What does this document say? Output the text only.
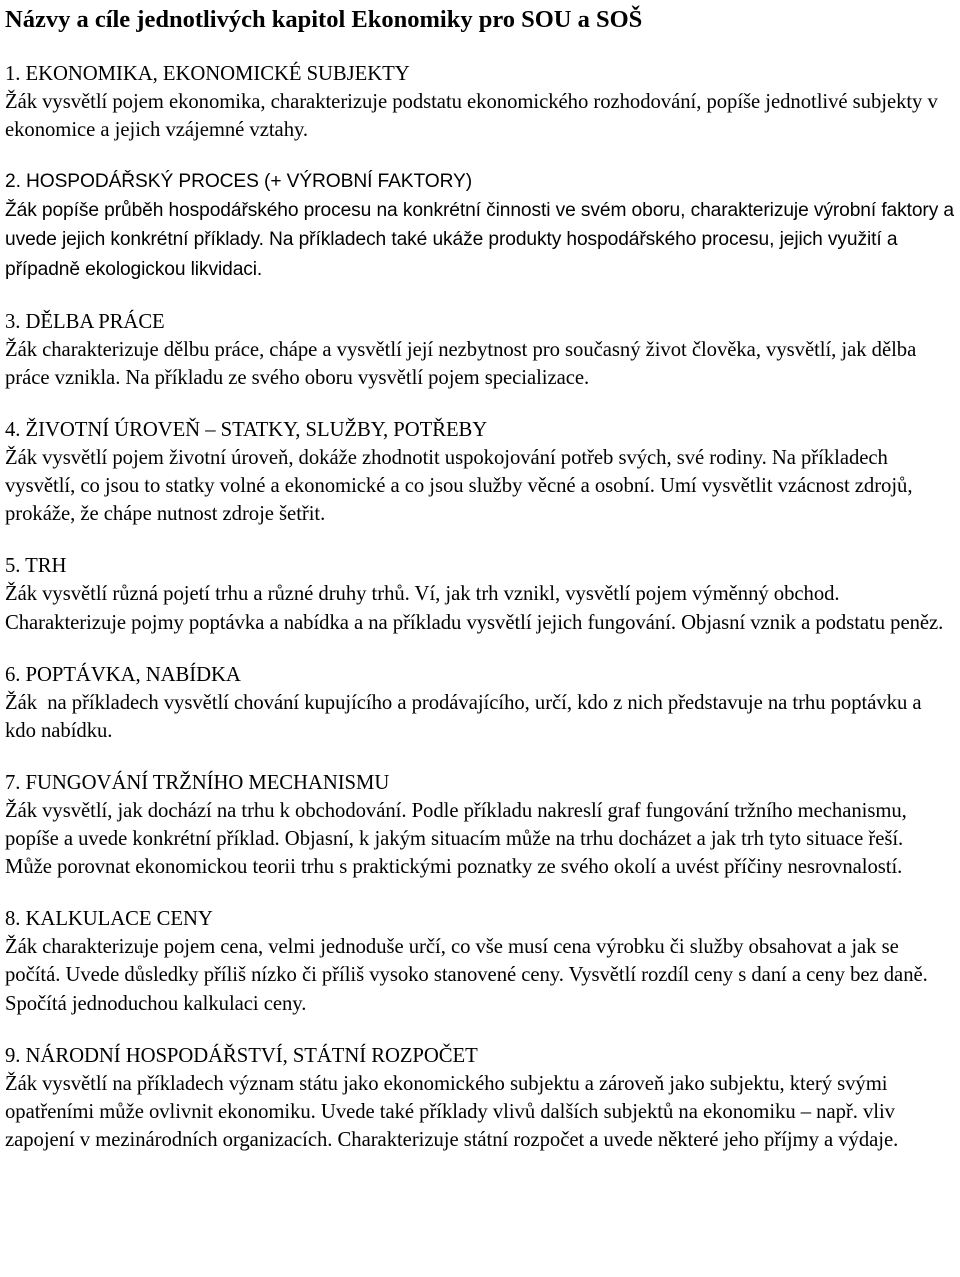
Názvy a cíle jednotlivých kapitol Ekonomiky pro SOU a SOŠ

1. EKONOMIKA, EKONOMICKÉ SUBJEKTY

Žák vysvětlí pojem ekonomika, charakterizuje podstatu ekonomického rozhodování, popíše jednotlivé subjekty v ekonomice a jejich vzájemné vztahy.

2. HOSPODÁŘSKÝ PROCES (+ VÝROBNÍ FAKTORY)

Žák popíše průběh hospodářského procesu na konkrétní činnosti ve svém oboru, charakterizuje výrobní faktory a uvede jejich konkrétní příklady. Na příkladech také ukáže produkty hospodářského procesu, jejich využití a případně ekologickou likvidaci.

3. DĚLBA PRÁCE

Žák charakterizuje dělbu práce, chápe a vysvětlí její nezbytnost pro současný život člověka, vysvětlí, jak dělba práce vznikla. Na příkladu ze svého oboru vysvětlí pojem specializace.

4. ŽIVOTNÍ ÚROVEŇ – STATKY, SLUŽBY, POTŘEBY

Žák vysvětlí pojem životní úroveň, dokáže zhodnotit uspokojování potřeb svých, své rodiny. Na příkladech vysvětlí, co jsou to statky volné a ekonomické a co jsou služby věcné a osobní. Umí vysvětlit vzácnost zdrojů, prokáže, že chápe nutnost zdroje šetřit.

5. TRH

Žák vysvětlí různá pojetí trhu a různé druhy trhů. Ví, jak trh vznikl, vysvětlí pojem výměnný obchod. Charakterizuje pojmy poptávka a nabídka a na příkladu vysvětlí jejich fungování. Objasní vznik a podstatu peněz.

6. POPTÁVKA, NABÍDKA

Žák  na příkladech vysvětlí chování kupujícího a prodávajícího, určí, kdo z nich představuje na trhu poptávku a kdo nabídku.

7. FUNGOVÁNÍ TRŽNÍHO MECHANISMU

Žák vysvětlí, jak dochází na trhu k obchodování. Podle příkladu nakreslí graf fungování tržního mechanismu, popíše a uvede konkrétní příklad. Objasní, k jakým situacím může na trhu docházet a jak trh tyto situace řeší. Může porovnat ekonomickou teorii trhu s praktickými poznatky ze svého okolí a uvést příčiny nesrovnalostí.

8. KALKULACE CENY

Žák charakterizuje pojem cena, velmi jednoduše určí, co vše musí cena výrobku či služby obsahovat a jak se počítá. Uvede důsledky příliš nízko či příliš vysoko stanovené ceny. Vysvětlí rozdíl ceny s daní a ceny bez daně. Spočítá jednoduchou kalkulaci ceny.

9. NÁRODNÍ HOSPODÁŘSTVÍ, STÁTNÍ ROZPOČET

Žák vysvětlí na příkladech význam státu jako ekonomického subjektu a zároveň jako subjektu, který svými opatřeními může ovlivnit ekonomiku. Uvede také příklady vlivů dalších subjektů na ekonomiku – např. vliv zapojení v mezinárodních organizacích. Charakterizuje státní rozpočet a uvede některé jeho příjmy a výdaje.
